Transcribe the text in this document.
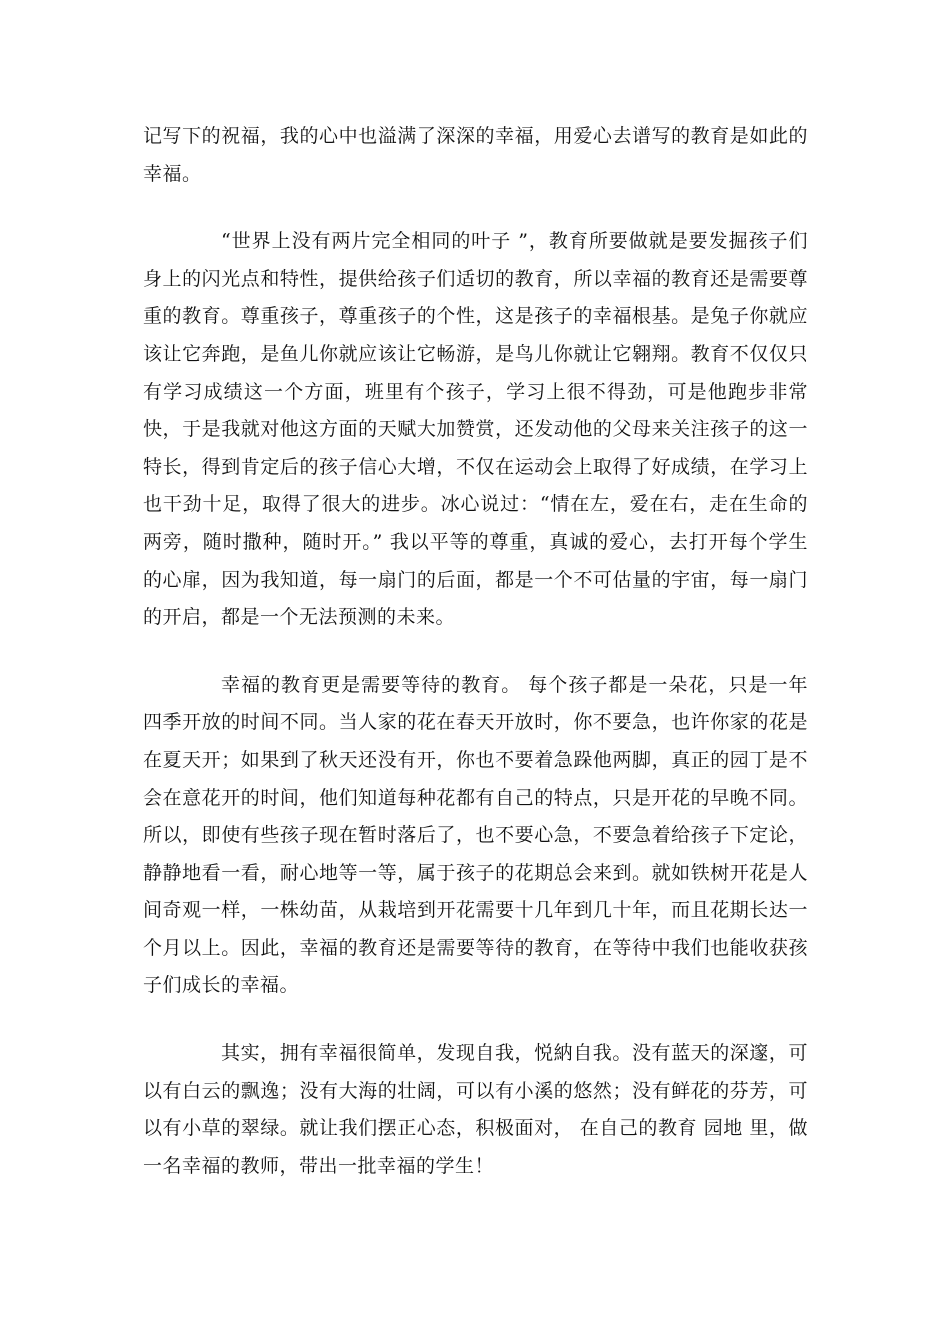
记写下的祝福，我的心中也溢满了深深的幸福，用爱心去谱写的教育是如此的幸福。

“世界上没有两片完全相同的叶子 ”，教育所要做就是要发掘孩子们身上的闪光点和特性，提供给孩子们适切的教育，所以幸福的教育还是需要尊重的教育。尊重孩子，尊重孩子的个性，这是孩子的幸福根基。是兔子你就应该让它奔跑，是鱼儿你就应该让它畅游，是鸟儿你就让它翱翔。教育不仅仅只有学习成绩这一个方面，班里有个孩子，学习上很不得劲，可是他跑步非常快，于是我就对他这方面的天赋大加赞赏，还发动他的父母来关注孩子的这一特长，得到肯定后的孩子信心大增，不仅在运动会上取得了好成绩，在学习上也干劲十足，取得了很大的进步。冰心说过：“情在左，爱在右，走在生命的两旁，随时撒种，随时开。” 我以平等的尊重，真诚的爱心，去打开每个学生的心扉，因为我知道，每一扇门的后面，都是一个不可估量的宇宙，每一扇门的开启，都是一个无法预测的未来。

幸福的教育更是需要等待的教育。 每个孩子都是一朵花，只是一年四季开放的时间不同。当人家的花在春天开放时，你不要急，也许你家的花是在夏天开；如果到了秋天还没有开，你也不要着急跺他两脚，真正的园丁是不会在意花开的时间，他们知道每种花都有自己的特点，只是开花的早晚不同。所以，即使有些孩子现在暂时落后了，也不要心急，不要急着给孩子下定论，静静地看一看，耐心地等一等，属于孩子的花期总会来到。就如铁树开花是人间奇观一样，一株幼苗，从栽培到开花需要十几年到几十年，而且花期长达一个月以上。因此，幸福的教育还是需要等待的教育，在等待中我们也能收获孩子们成长的幸福。

其实，拥有幸福很简单，发现自我，悦納自我。没有蓝天的深邃，可以有白云的飘逸；没有大海的壮阔，可以有小溪的悠然；没有鲜花的芬芳，可以有小草的翠绿。就让我们摆正心态，积极面对， 在自己的教育 园地 里，做一名幸福的教师，带出一批幸福的学生！
